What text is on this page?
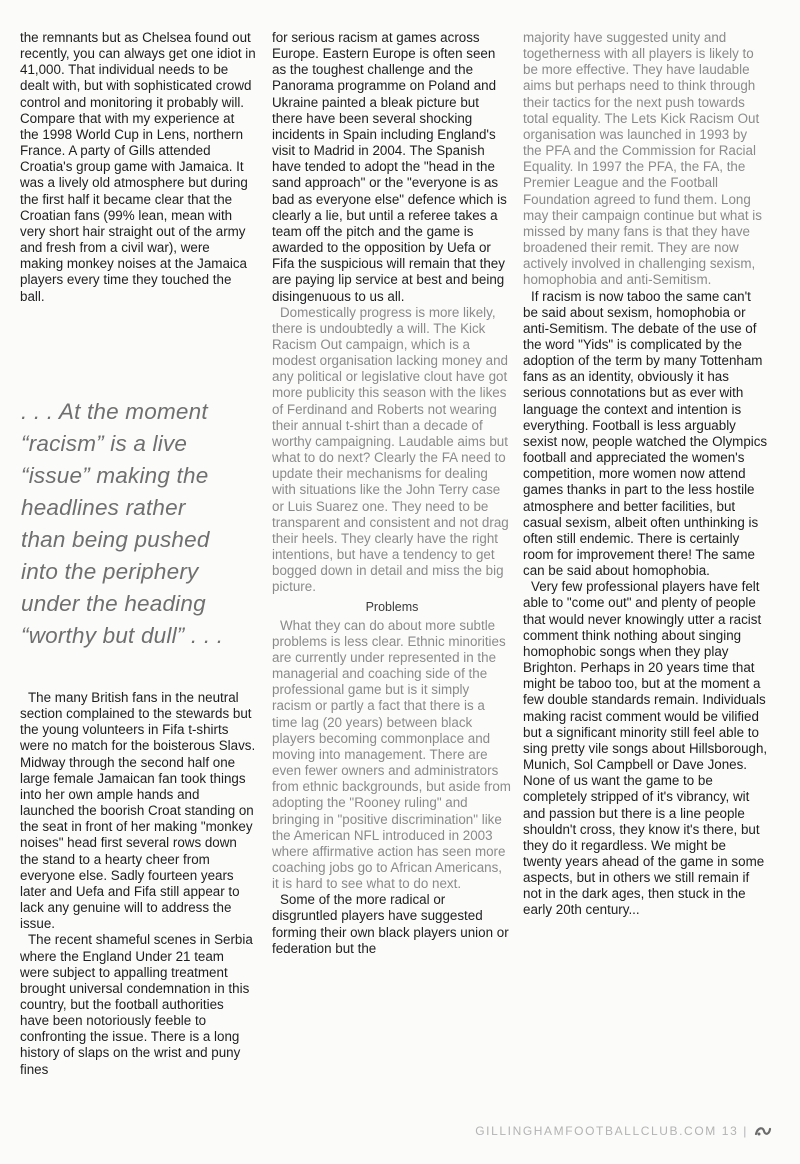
the remnants but as Chelsea found out recently, you can always get one idiot in 41,000. That individual needs to be dealt with, but with sophisticated crowd control and monitoring it probably will. Compare that with my experience at the 1998 World Cup in Lens, northern France. A party of Gills attended Croatia's group game with Jamaica. It was a lively old atmosphere but during the first half it became clear that the Croatian fans (99% lean, mean with very short hair straight out of the army and fresh from a civil war), were making monkey noises at the Jamaica players every time they touched the ball.

. . . At the moment
“racism” is a live
“issue” making the
headlines rather
than being pushed
into the periphery
under the heading
“worthy but dull” . . .

The many British fans in the neutral section complained to the stewards but the young volunteers in Fifa t-shirts were no match for the boisterous Slavs. Midway through the second half one large female Jamaican fan took things into her own ample hands and launched the boorish Croat standing on the seat in front of her making "monkey noises" head first several rows down the stand to a hearty cheer from everyone else. Sadly fourteen years later and Uefa and Fifa still appear to lack any genuine will to address the issue.

The recent shameful scenes in Serbia where the England Under 21 team were subject to appalling treatment brought universal condemnation in this country, but the football authorities have been notoriously feeble to confronting the issue. There is a long history of slaps on the wrist and puny fines

for serious racism at games across Europe. Eastern Europe is often seen as the toughest challenge and the Panorama programme on Poland and Ukraine painted a bleak picture but there have been several shocking incidents in Spain including England's visit to Madrid in 2004. The Spanish have tended to adopt the "head in the sand approach" or the "everyone is as bad as everyone else" defence which is clearly a lie, but until a referee takes a team off the pitch and the game is awarded to the opposition by Uefa or Fifa the suspicious will remain that they are paying lip service at best and being disingenuous to us all.

Domestically progress is more likely, there is undoubtedly a will. The Kick Racism Out campaign, which is a modest organisation lacking money and any political or legislative clout have got more publicity this season with the likes of Ferdinand and Roberts not wearing their annual t-shirt than a decade of worthy campaigning. Laudable aims but what to do next? Clearly the FA need to update their mechanisms for dealing with situations like the John Terry case or Luis Suarez one. They need to be transparent and consistent and not drag their heels. They clearly have the right intentions, but have a tendency to get bogged down in detail and miss the big picture.

Problems

What they can do about more subtle problems is less clear. Ethnic minorities are currently under represented in the managerial and coaching side of the professional game but is it simply racism or partly a fact that there is a time lag (20 years) between black players becoming commonplace and moving into management. There are even fewer owners and administrators from ethnic backgrounds, but aside from adopting the "Rooney ruling" and bringing in "positive discrimination" like the American NFL introduced in 2003 where affirmative action has seen more coaching jobs go to African Americans, it is hard to see what to do next.

Some of the more radical or disgruntled players have suggested forming their own black players union or federation but the

majority have suggested unity and togetherness with all players is likely to be more effective. They have laudable aims but perhaps need to think through their tactics for the next push towards total equality. The Lets Kick Racism Out organisation was launched in 1993 by the PFA and the Commission for Racial Equality. In 1997 the PFA, the FA, the Premier League and the Football Foundation agreed to fund them. Long may their campaign continue but what is missed by many fans is that they have broadened their remit. They are now actively involved in challenging sexism, homophobia and anti-Semitism.

If racism is now taboo the same can't be said about sexism, homophobia or anti-Semitism. The debate of the use of the word "Yids" is complicated by the adoption of the term by many Tottenham fans as an identity, obviously it has serious connotations but as ever with language the context and intention is everything. Football is less arguably sexist now, people watched the Olympics football and appreciated the women's competition, more women now attend games thanks in part to the less hostile atmosphere and better facilities, but casual sexism, albeit often unthinking is often still endemic. There is certainly room for improvement there! The same can be said about homophobia.

Very few professional players have felt able to "come out" and plenty of people that would never knowingly utter a racist comment think nothing about singing homophobic songs when they play Brighton. Perhaps in 20 years time that might be taboo too, but at the moment a few double standards remain. Individuals making racist comment would be vilified but a significant minority still feel able to sing pretty vile songs about Hillsborough, Munich, Sol Campbell or Dave Jones. None of us want the game to be completely stripped of it's vibrancy, wit and passion but there is a line people shouldn't cross, they know it's there, but they do it regardless. We might be twenty years ahead of the game in some aspects, but in others we still remain if not in the dark ages, then stuck in the early 20th century...

GILLINGHAMFOOTBALLCLUB.COM 13 |
